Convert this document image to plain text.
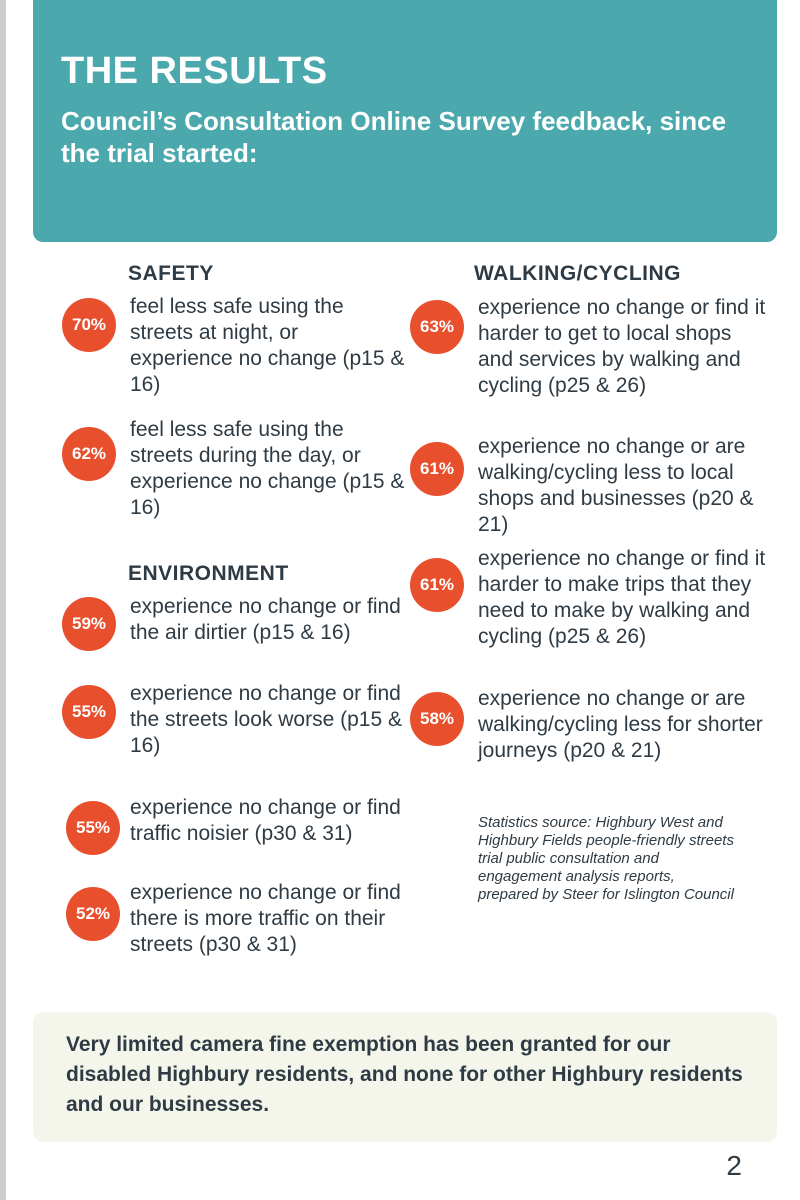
THE RESULTS

Council’s Consultation Online Survey feedback, since the trial started:

SAFETY
70%

feel less safe using the streets at night, or experience no change (p15 & 16)

62%

feel less safe using the streets during the day, or experience no change (p15 & 16)

ENVIRONMENT
59%

experience no change or find the air dirtier (p15 & 16)

55%

experience no change or find the streets look worse (p15 & 16)

55%

experience no change or find traffic noisier (p30 & 31)

52%

experience no change or find there is more traffic on their streets (p30 & 31)

WALKING/CYCLING
63%

experience no change or find it harder to get to local shops and services by walking and cycling (p25 & 26)

61%

experience no change or are walking/cycling less to local shops and businesses (p20 & 21)

61%

experience no change or find it harder to make trips that they need to make by walking and cycling (p25 & 26)

58%

experience no change or are walking/cycling less for shorter journeys (p20 & 21)

Statistics source: Highbury West and Highbury Fields people-friendly streets trial public consultation and engagement analysis reports, prepared by Steer for Islington Council

Very limited camera fine exemption has been granted for our disabled Highbury residents, and none for other Highbury residents and our businesses.

2
